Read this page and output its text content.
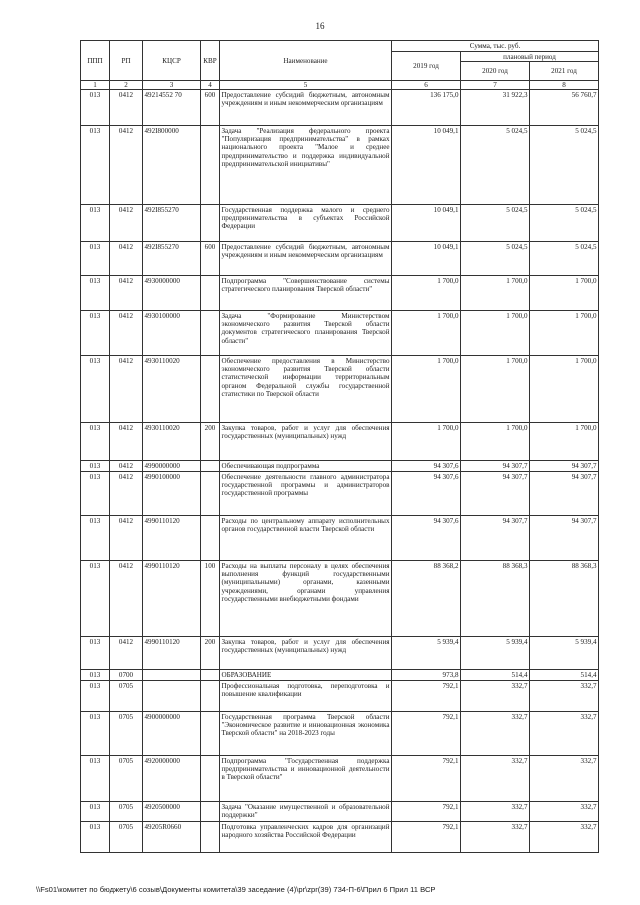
16
ППП	РП	КЦСР	КВР	Наименование	Сумма, тыс. руб.		
					2019 год	плановый период	
						2020 год	2021 год
1	2	3	4	5	6	7	8
013	0412	49214552 70	600	Предоставление субсидий бюджетным, автономным учреждениям и иным некоммерческим организациям	136 175,0	31 922,3	56 760,7
013	0412	492I800000		Задача "Реализация федерального проекта "Популяризация предпринимательства" в рамках национального проекта "Малое и среднее предпринимательство и поддержка индивидуальной предпринимательской инициативы"	10 049,1	5 024,5	5 024,5
013	0412	492I855270		Государственная поддержка малого и среднего предпринимательства в субъектах Российской Федерации	10 049,1	5 024,5	5 024,5
013	0412	492I855270	600	Предоставление субсидий бюджетным, автономным учреждениям и иным некоммерческим организациям	10 049,1	5 024,5	5 024,5
013	0412	4930000000		Подпрограмма "Совершенствование системы стратегического планирования Тверской области"	1 700,0	1 700,0	1 700,0
013	0412	4930100000		Задача "Формирование Министерством экономического развития Тверской области документов стратегического планирования Тверской области"	1 700,0	1 700,0	1 700,0
013	0412	4930110020		Обеспечение предоставления в Министерство экономического развития Тверской области статистической информации территориальным органом Федеральной службы государственной статистики по Тверской области	1 700,0	1 700,0	1 700,0
013	0412	4930110020	200	Закупка товаров, работ и услуг для обеспечения государственных (муниципальных) нужд	1 700,0	1 700,0	1 700,0
013	0412	4990000000		Обеспечивающая подпрограмма	94 307,6	94 307,7	94 307,7
013	0412	4990100000		Обеспечение деятельности главного администратора государственной программы и администраторов государственной программы	94 307,6	94 307,7	94 307,7
013	0412	4990110120		Расходы по центральному аппарату исполнительных органов государственной власти Тверской области	94 307,6	94 307,7	94 307,7
013	0412	4990110120	100	Расходы на выплаты персоналу в целях обеспечения выполнения функций государственными (муниципальными) органами, казенными учреждениями, органами управления государственными внебюджетными фондами	88 368,2	88 368,3	88 368,3
013	0412	4990110120	200	Закупка товаров, работ и услуг для обеспечения государственных (муниципальных) нужд	5 939,4	5 939,4	5 939,4
013	0700			ОБРАЗОВАНИЕ	973,8	514,4	514,4
013	0705			Профессиональная подготовка, переподготовка и повышение квалификации	792,1	332,7	332,7
013	0705	4900000000		Государственная программа Тверской области "Экономическое развитие и инновационная экономика Тверской области" на 2018-2023 годы	792,1	332,7	332,7
013	0705	4920000000		Подпрограмма "Государственная поддержка предпринимательства и инновационной деятельности в Тверской области"	792,1	332,7	332,7
013	0705	4920500000		Задача "Оказание имущественной и образовательной поддержки"	792,1	332,7	332,7
013	0705	49205R0660		Подготовка управленческих кадров для организаций народного хозяйства Российской Федерации	792,1	332,7	332,7
\\Fs01\комитет по бюджету\6 созыв\Документы комитета\39 заседание (4)\pr\zpr(39) 734-П-6\Прил 6 Прил 11 ВСР
